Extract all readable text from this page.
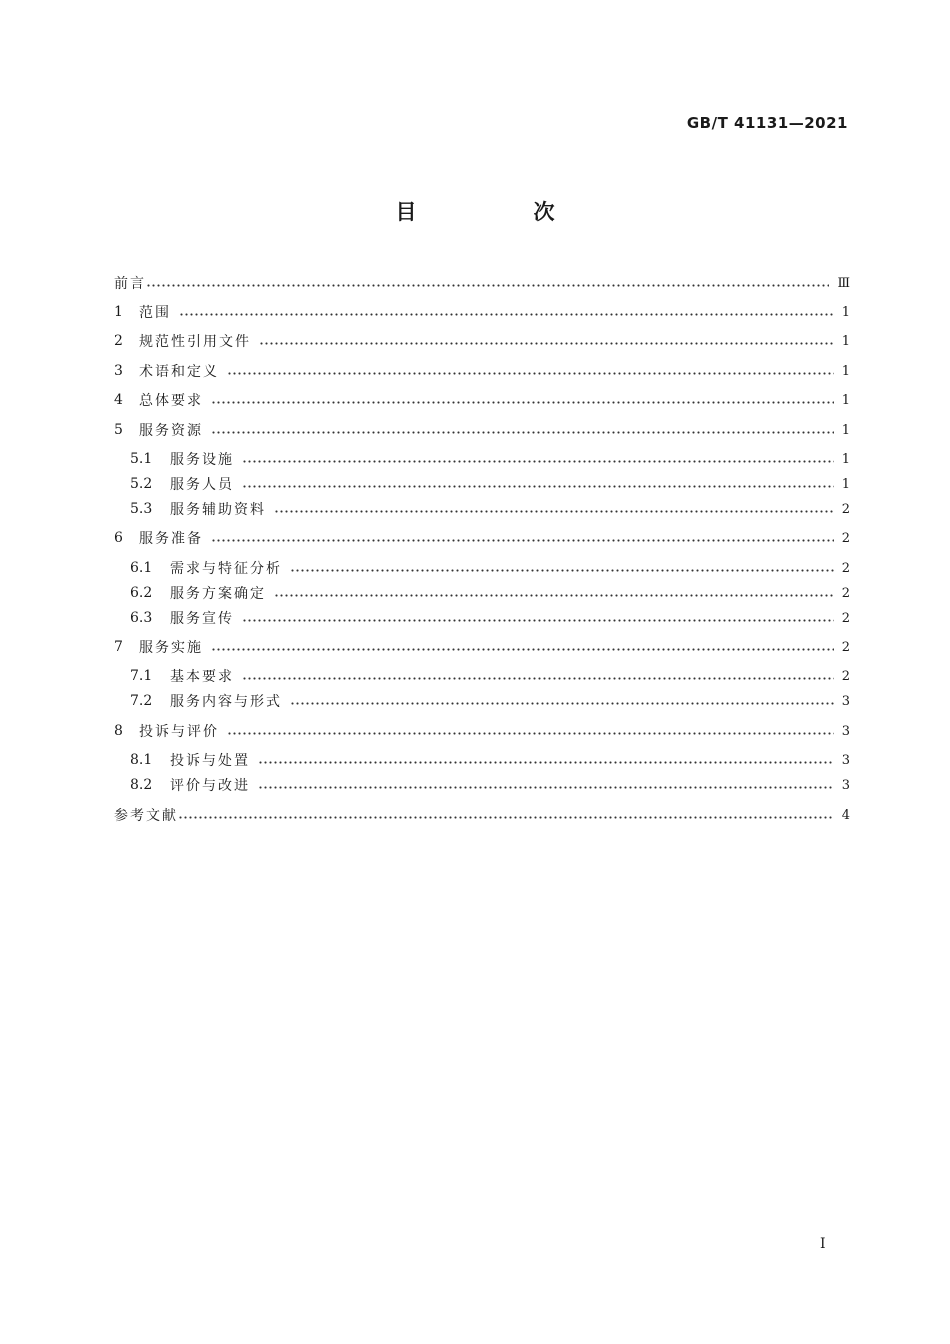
GB/T 41131—2021
目　次
前言	Ⅲ
1	范围	1
2	规范性引用文件	1
3	术语和定义	1
4	总体要求	1
5	服务资源	1
5.1	服务设施	1
5.2	服务人员	1
5.3	服务辅助资料	2
6	服务准备	2
6.1	需求与特征分析	2
6.2	服务方案确定	2
6.3	服务宣传	2
7	服务实施	2
7.1	基本要求	2
7.2	服务内容与形式	3
8	投诉与评价	3
8.1	投诉与处置	3
8.2	评价与改进	3
参考文献	4
Ⅰ
